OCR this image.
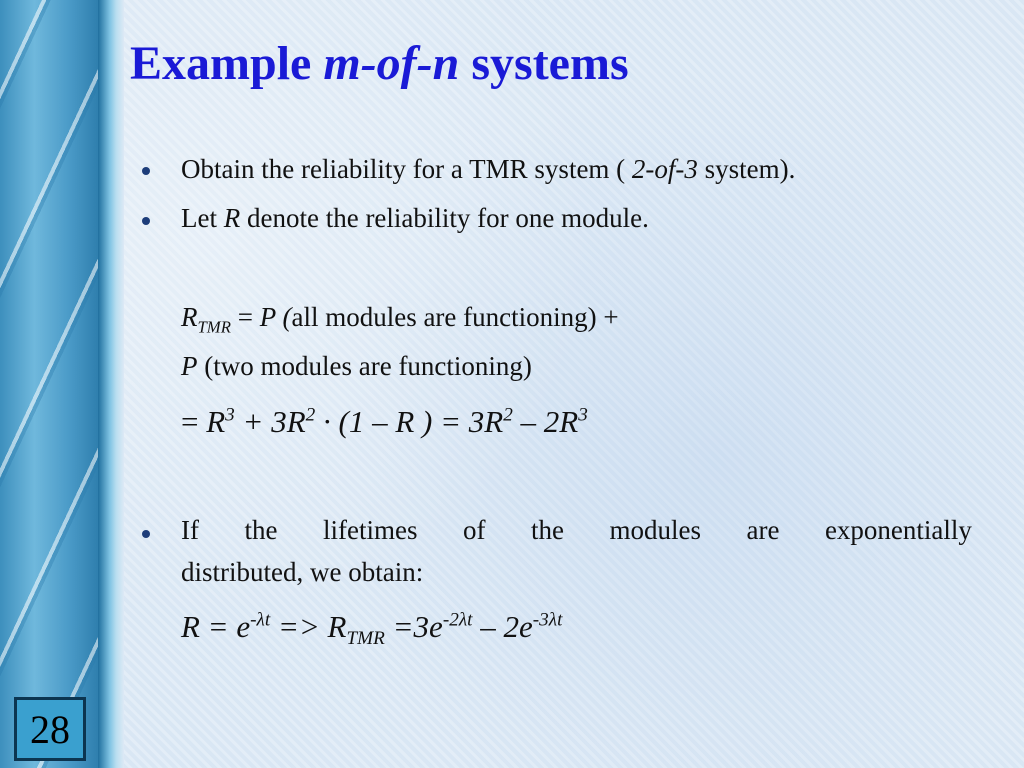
28
Example m-of-n systems
Obtain the reliability for a TMR system ( 2-of-3 system).
Let R denote the reliability for one module.
$R_{TMR} = P$ (all modules are functioning) +
P (two modules are functioning)
= $R^3 + 3R^2 \cdot (1 - R$ ) = $3R^2 - 2R^3$
If the lifetimes of the modules are exponentially
distributed, we obtain:
$R = e^{-\lambda t} => R_{TMR} =3e^{-2\lambda t} - 2e^{-3\lambda t}$
